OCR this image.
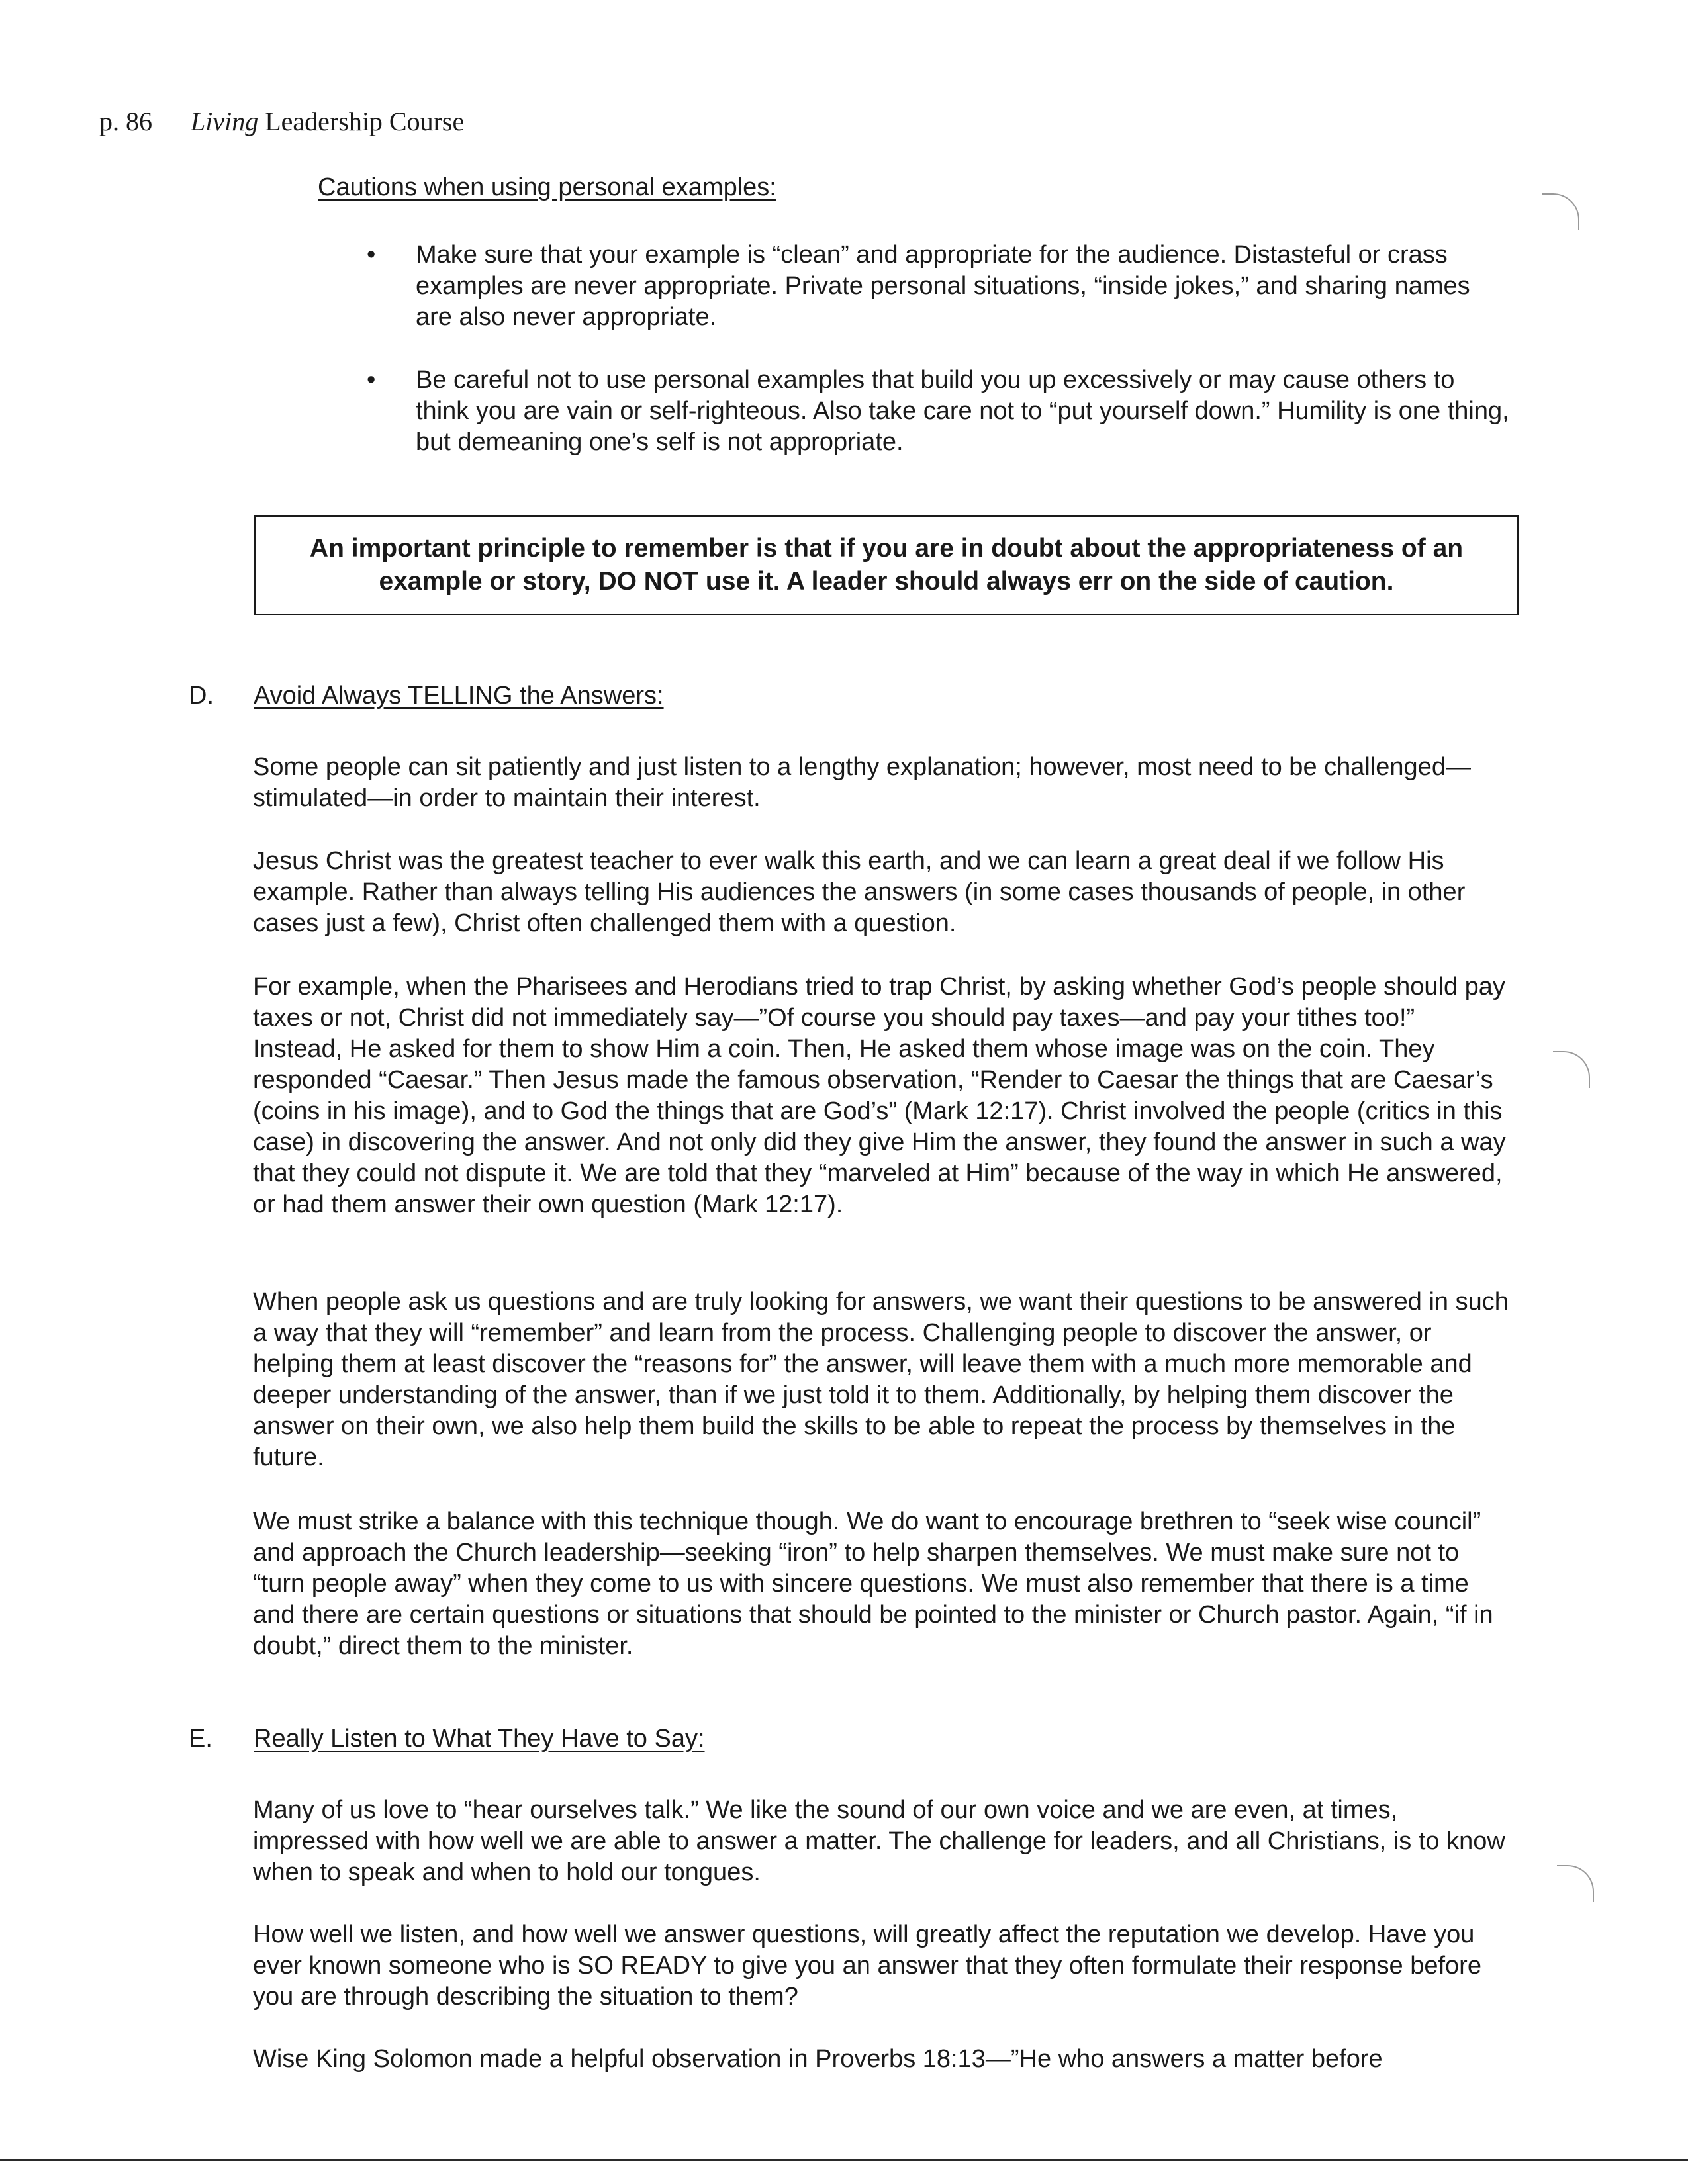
p. 86 Living Leadership Course
Cautions when using personal examples:
• Make sure that your example is “clean” and appropriate for the audience. Distasteful or crass examples are never appropriate. Private personal situations, “inside jokes,” and sharing names are also never appropriate.
• Be careful not to use personal examples that build you up excessively or may cause others to think you are vain or self-righteous. Also take care not to “put yourself down.” Humility is one thing, but demeaning one’s self is not appropriate.
An important principle to remember is that if you are in doubt about the appropriateness of an example or story, DO NOT use it. A leader should always err on the side of caution.
D. Avoid Always TELLING the Answers:

Some people can sit patiently and just listen to a lengthy explanation; however, most need to be challenged—stimulated—in order to maintain their interest.

Jesus Christ was the greatest teacher to ever walk this earth, and we can learn a great deal if we follow His example. Rather than always telling His audiences the answers (in some cases thousands of people, in other cases just a few), Christ often challenged them with a question.

For example, when the Pharisees and Herodians tried to trap Christ, by asking whether God’s people should pay taxes or not, Christ did not immediately say—”Of course you should pay taxes—and pay your tithes too!” Instead, He asked for them to show Him a coin. Then, He asked them whose image was on the coin. They responded “Caesar.” Then Jesus made the famous observation, “Render to Caesar the things that are Caesar’s (coins in his image), and to God the things that are God’s” (Mark 12:17). Christ involved the people (critics in this case) in discovering the answer. And not only did they give Him the answer, they found the answer in such a way that they could not dispute it. We are told that they “marveled at Him” because of the way in which He answered, or had them answer their own question (Mark 12:17).

When people ask us questions and are truly looking for answers, we want their questions to be answered in such a way that they will “remember” and learn from the process. Challenging people to discover the answer, or helping them at least discover the “reasons for” the answer, will leave them with a much more memorable and deeper understanding of the answer, than if we just told it to them. Additionally, by helping them discover the answer on their own, we also help them build the skills to be able to repeat the process by themselves in the future.

We must strike a balance with this technique though. We do want to encourage brethren to “seek wise council” and approach the Church leadership—seeking “iron” to help sharpen themselves. We must make sure not to “turn people away” when they come to us with sincere questions. We must also remember that there is a time and there are certain questions or situations that should be pointed to the minister or Church pastor. Again, “if in doubt,” direct them to the minister.

E. Really Listen to What They Have to Say:

Many of us love to “hear ourselves talk.” We like the sound of our own voice and we are even, at times, impressed with how well we are able to answer a matter. The challenge for leaders, and all Christians, is to know when to speak and when to hold our tongues.

How well we listen, and how well we answer questions, will greatly affect the reputation we develop. Have you ever known someone who is SO READY to give you an answer that they often formulate their response before you are through describing the situation to them?

Wise King Solomon made a helpful observation in Proverbs 18:13—”He who answers a matter before
